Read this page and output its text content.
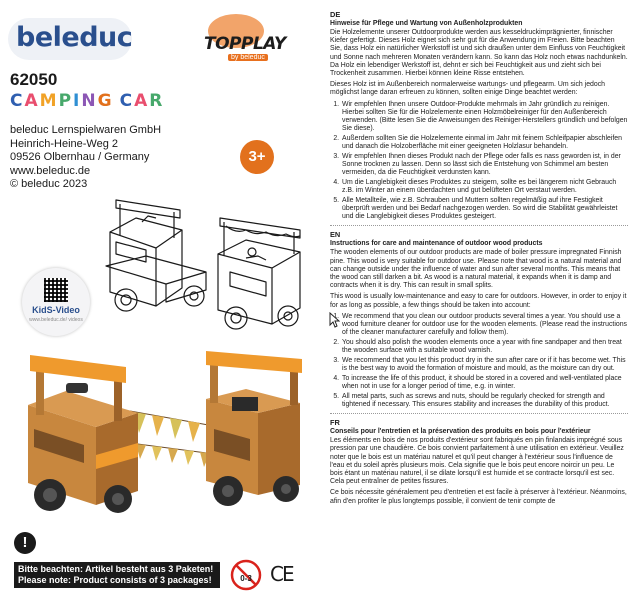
beleduc	TOPPLAY
by beleduc
62050
CAMPING CAR
beleduc Lernspielwaren GmbH
Heinrich-Heine-Weg 2
09526 Olbernhau / Germany
www.beleduc.de
© beleduc 2023
3+
KidS-Video
www.beleduc.de/ videos
!
Bitte beachten: Artikel besteht aus 3 Paketen!
Please note: Product consists of 3 packages!	0-3 CE
DE
Hinweise für Pflege und Wartung von Außenholzprodukten

Die Holzelemente unserer Outdoorprodukte werden aus kesseldruckimprägnierter, finnischer Kiefer gefertigt. Dieses Holz eignet sich sehr gut für die Anwendung im Freien. Bitte beachten Sie, dass Holz ein natürlicher Werkstoff ist und sich draußen unter dem Einfluss von Feuchtigkeit und Sonne nach mehreren Monaten verändern kann. So kann das Holz noch etwas nachdunkeln. Da Holz ein lebendiger Werkstoff ist, dehnt er sich bei Feuchtigkeit aus und zieht sich bei Trockenheit zusammen. Hierbei können kleine Risse entstehen.

Dieses Holz ist im Außenbereich normalerweise wartungs- und pflegearm. Um sich jedoch möglichst lange daran erfreuen zu können, sollten einige Dinge beachtet werden:

1. Wir empfehlen Ihnen unsere Outdoor-Produkte mehrmals im Jahr gründlich zu reinigen. Hierbei sollten Sie für die Holzelemente einen Holzmöbelreiniger für den Außenbereich verwenden. (Bitte lesen Sie die Anweisungen des Reiniger-Herstellers gründlich und befolgen Sie diese).
2. Außerdem sollten Sie die Holzelemente einmal im Jahr mit feinem Schleifpapier abschleifen und danach die Holzoberfläche mit einer geeigneten Holzlasur behandeln.
3. Wir empfehlen Ihnen dieses Produkt nach der Pflege oder falls es nass geworden ist, in der Sonne trocknen zu lassen. Denn so lässt sich die Entstehung von Schimmel am besten vermeiden, da die Feuchtigkeit verdunsten kann.
4. Um die Langlebigkeit dieses Produktes zu steigern, sollte es bei längerem nicht Gebrauch z.B. im Winter an einem überdachten und gut belüfteten Ort verstaut werden.
5. Alle Metallteile, wie z.B. Schrauben und Muttern sollten regelmäßig auf ihre Festigkeit überprüft werden und bei Bedarf nachgezogen werden. So wird die Stabilität gewährleistet und die Langlebigkeit dieses Produktes gesteigert.
EN
Instructions for care and maintenance of outdoor wood products

The wooden elements of our outdoor products are made of boiler pressure impregnated Finnish pine. This wood is very suitable for outdoor use. Please note that wood is a natural material and can change outside under the influence of water and sun after several months. This means that the wood can still darken a bit. As wood is a natural material, it expands when it is damp and contracts when it is dry. This can result in small splits.

This wood is usually low-maintenance and easy to care for outdoors. However, in order to enjoy it for as long as possible, a few things should be taken into account:

1. We recommend that you clean our outdoor products several times a year. You should use a wood furniture cleaner for outdoor use for the wooden elements. (Please read the instructions of the cleaner manufacturer carefully and follow them).
2. You should also polish the wooden elements once a year with fine sandpaper and then treat the wooden surface with a suitable wood varnish.
3. We recommend that you let this product dry in the sun after care or if it has become wet. This is the best way to avoid the formation of moisture and mould, as the moisture can dry out.
4. To increase the life of this product, it should be stored in a covered and well-ventilated place when not in use for a longer period of time, e.g. in winter.
5. All metal parts, such as screws and nuts, should be regularly checked for strength and tightened if necessary. This ensures stability and increases the durability of this product.
FR
Conseils pour l'entretien et la préservation des produits en bois pour l'extérieur

Les éléments en bois de nos produits d'extérieur sont fabriqués en pin finlandais imprégné sous pression par une chaudière. Ce bois convient parfaitement à une utilisation en extérieur. Veuillez noter que le bois est un matériau naturel et qu'il peut changer à l'extérieur sous l'influence de l'eau et du soleil après plusieurs mois. Cela signifie que le bois peut encore noircir un peu. Le bois étant un matériau naturel, il se dilate lorsqu'il est humide et se contracte lorsqu'il est sec. Cela peut entraîner de petites fissures.

Ce bois nécessite généralement peu d'entretien et est facile à préserver à l'extérieur. Néanmoins, afin d'en profiter le plus longtemps possible, il convient de tenir compte de
